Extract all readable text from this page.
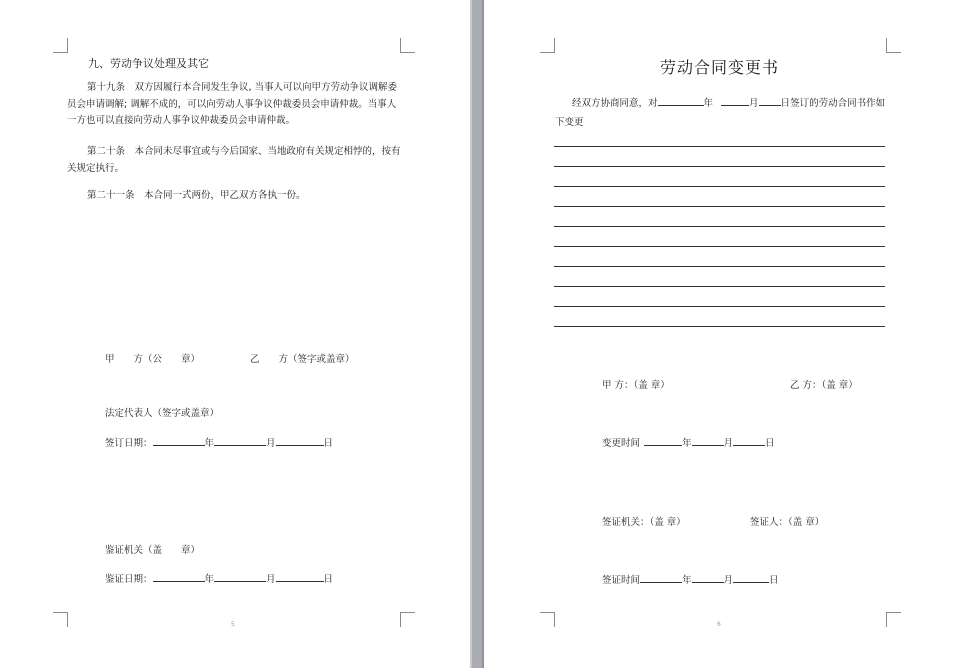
九、劳动争议处理及其它
第十九条　双方因履行本合同发生争议, 当事人可以向甲方劳动争议调解委员会申请调解; 调解不成的，可以向劳动人事争议仲裁委员会申请仲裁。当事人一方也可以直接向劳动人事争议仲裁委员会申请仲裁。
第二十条　本合同未尽事宜或与今后国家、当地政府有关规定相悖的，按有关规定执行。
第二十一条　本合同一式两份，甲乙双方各执一份。
甲　　方（公　　章）	乙　　方（签字或盖章）
法定代表人（签字或盖章）
签订日期：	年	月	日
鉴证机关（盖　　章）
鉴证日期：	年	月	日
5
劳动合同变更书
经双方协商同意，对	年	月 日签订的劳动合同书作如
下变更
甲 方：（盖 章）	乙 方：（盖 章）
变更时间	年	月	日
签证机关：（盖 章）	签证人：（盖 章）
签证时间	年	月	日
6
